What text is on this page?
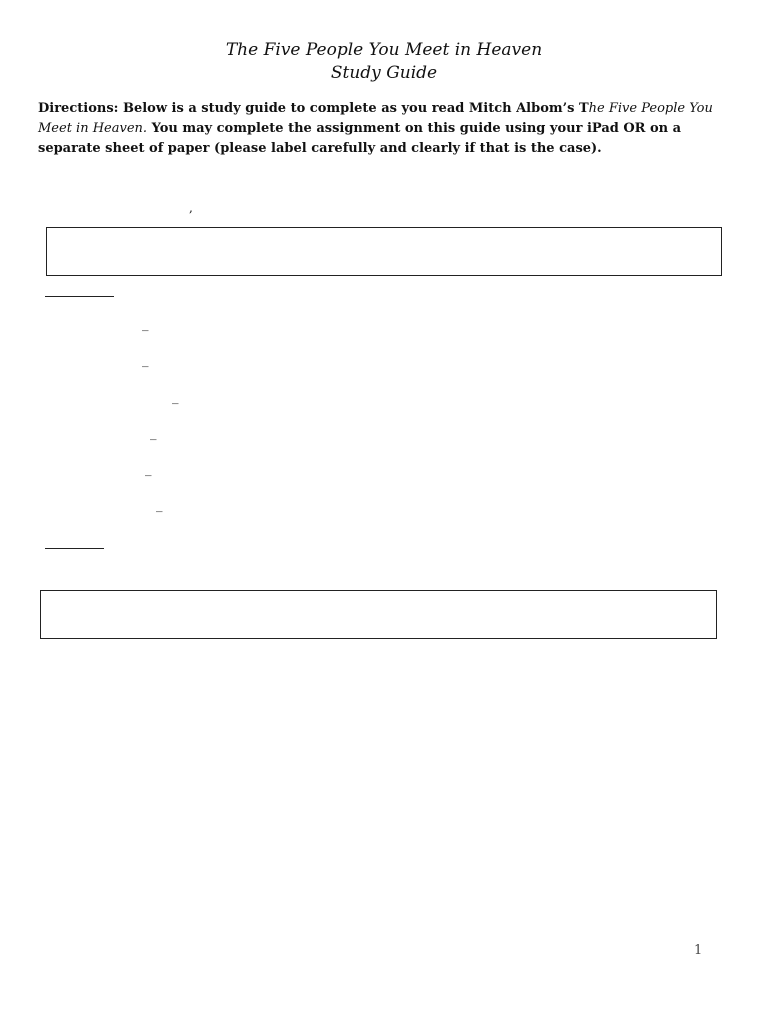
The Five People You Meet in Heaven
Study Guide
Directions: Below is a study guide to complete as you read Mitch Albom’s The Five People You Meet in Heaven. You may complete the assignment on this guide using your iPad OR on a separate sheet of paper (please label carefully and clearly if that is the case).
,
_
_
_
_
_
_
1
